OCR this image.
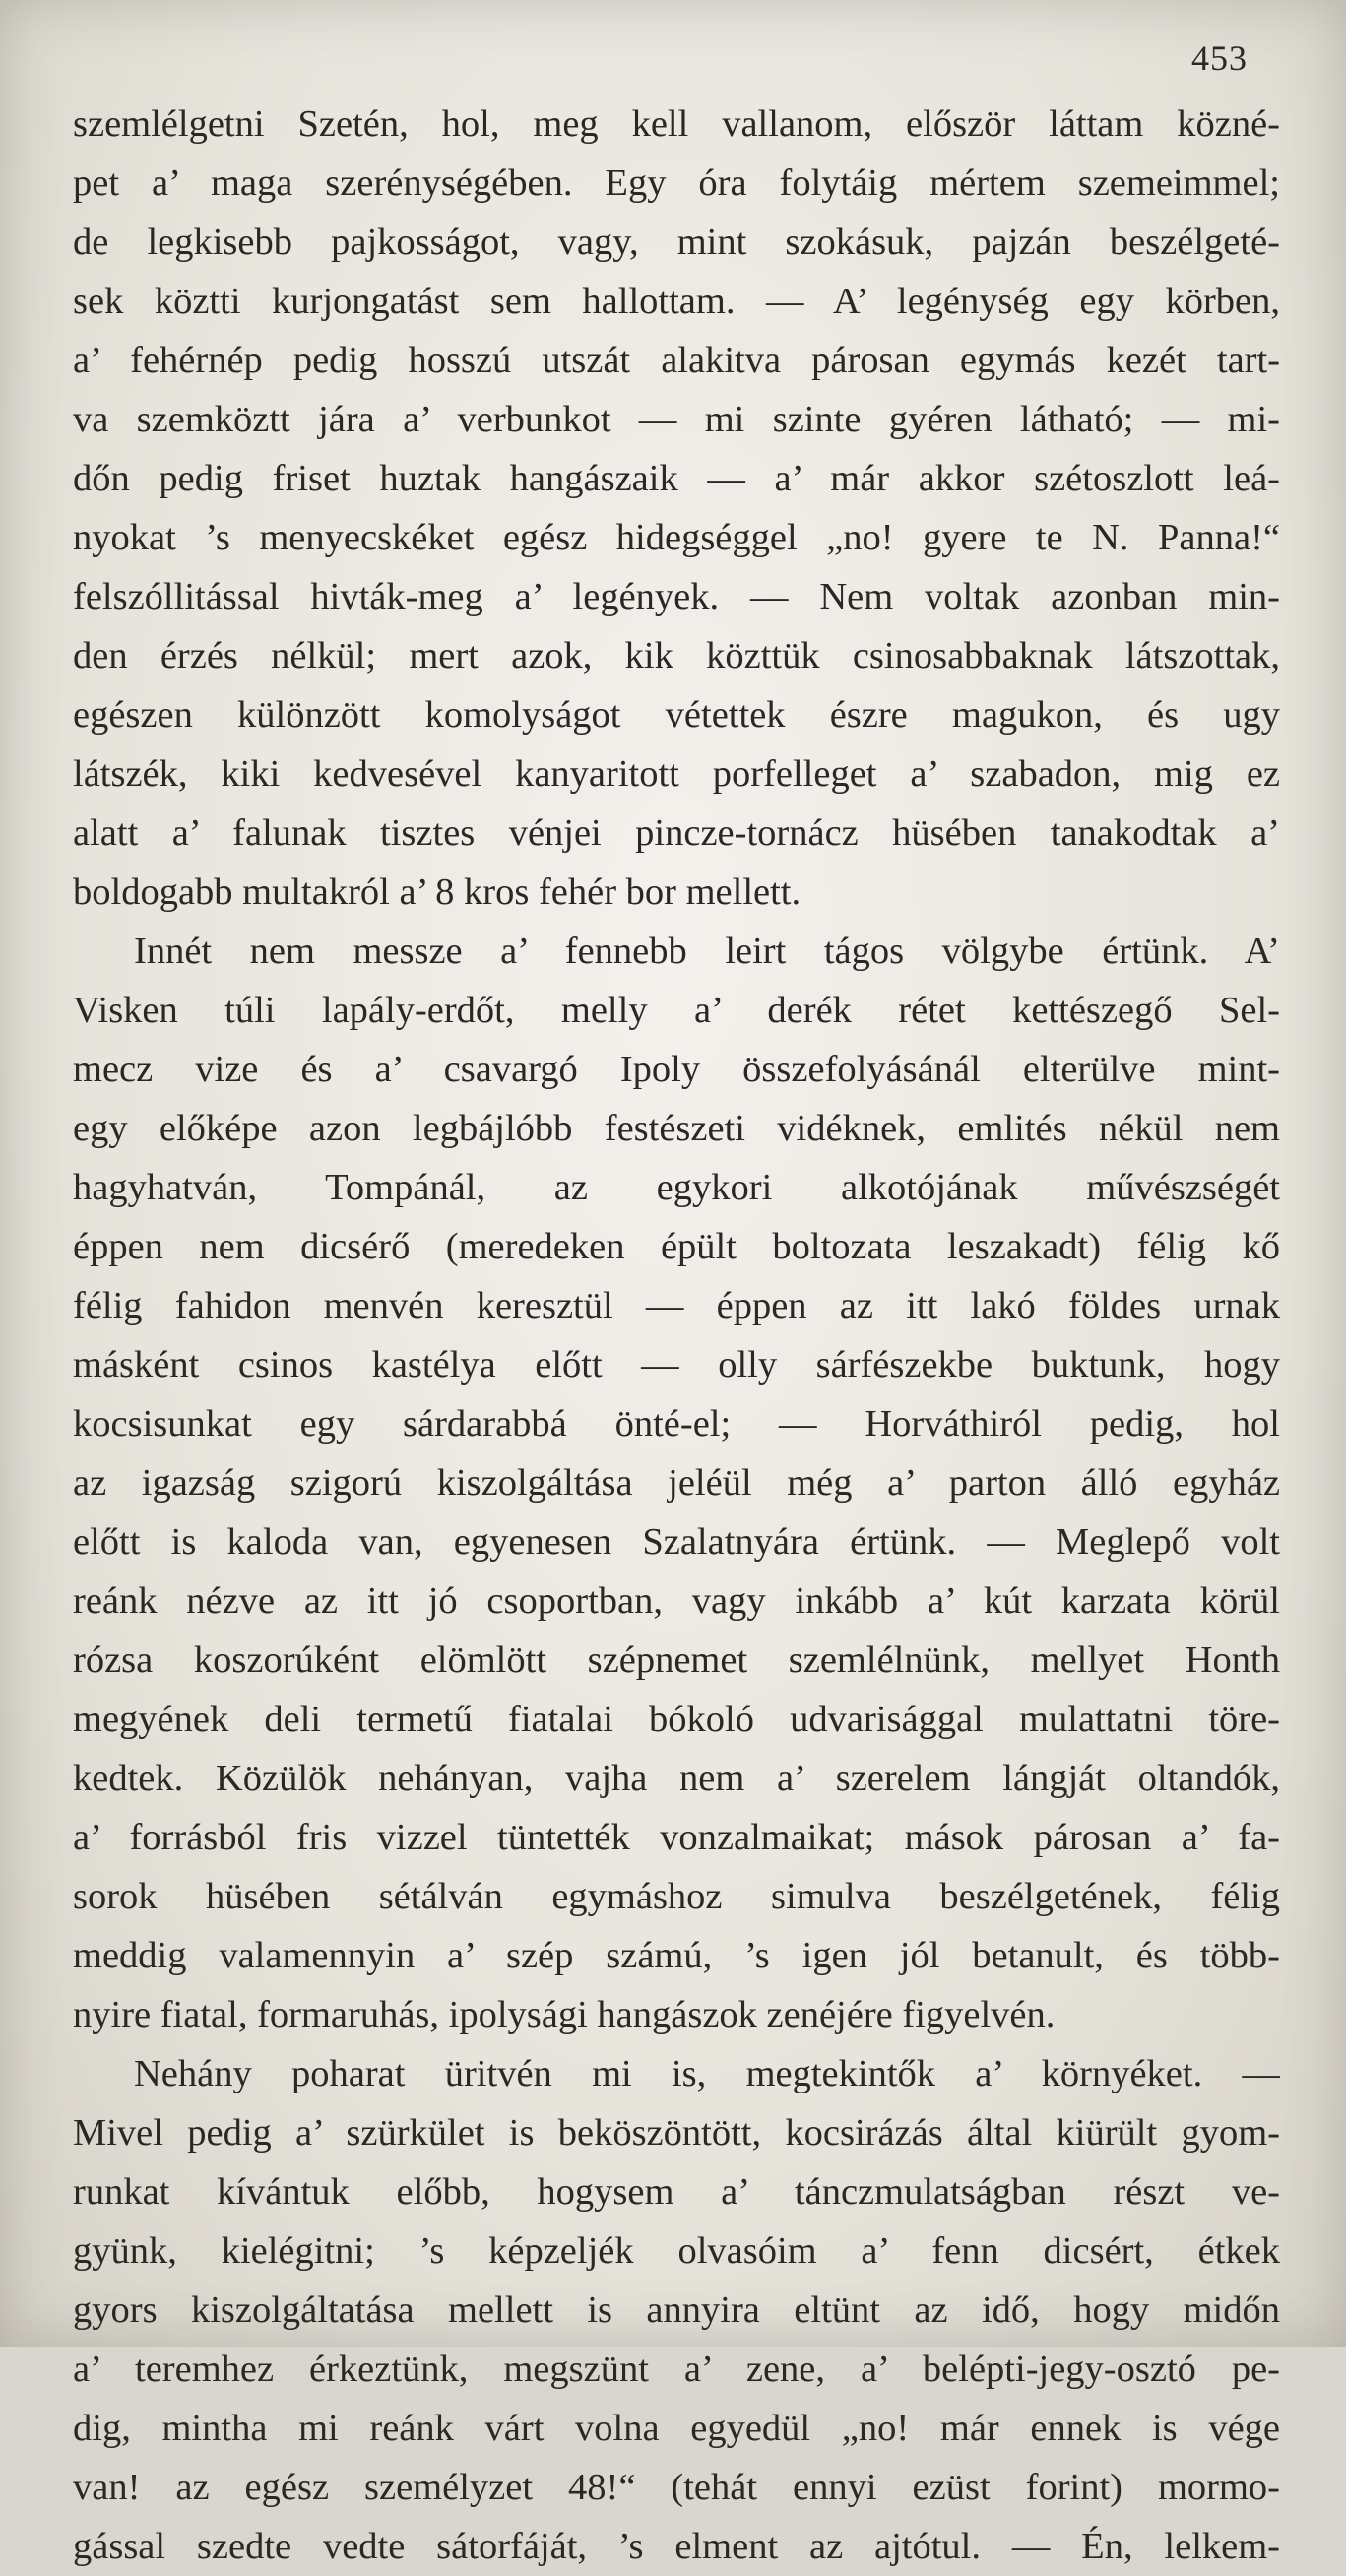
453
szemlélgetni Szetén, hol, meg kell vallanom, először láttam közné-
pet a’ maga szerénységében. Egy óra folytáig mértem szemeimmel;
de legkisebb pajkosságot, vagy, mint szokásuk, pajzán beszélgeté-
sek köztti kurjongatást sem hallottam. — A’ legénység egy körben,
a’ fehérnép pedig hosszú utszát alakitva párosan egymás kezét tart-
va szemköztt jára a’ verbunkot — mi szinte gyéren látható; — mi-
dőn pedig friset huztak hangászaik — a’ már akkor szétoszlott leá-
nyokat ’s menyecskéket egész hidegséggel „no! gyere te N. Panna!“
felszóllitással hivták-meg a’ legények. — Nem voltak azonban min-
den érzés nélkül; mert azok, kik közttük csinosabbaknak látszottak,
egészen különzött komolyságot vétettek észre magukon, és ugy
látszék, kiki kedvesével kanyaritott porfelleget a’ szabadon, mig ez
alatt a’ falunak tisztes vénjei pincze-tornácz hüsében tanakodtak a’
boldogabb multakról a’ 8 kros fehér bor mellett.
Innét nem messze a’ fennebb leirt tágos völgybe értünk. A’
Visken túli lapály-erdőt, melly a’ derék rétet kettészegő Sel-
mecz vize és a’ csavargó Ipoly összefolyásánál elterülve mint-
egy előképe azon legbájlóbb festészeti vidéknek, emlités nékül nem
hagyhatván, Tompánál, az egykori alkotójának művészségét
éppen nem dicsérő (meredeken épült boltozata leszakadt) félig kő
félig fahidon menvén keresztül — éppen az itt lakó földes urnak
másként csinos kastélya előtt — olly sárfészekbe buktunk, hogy
kocsisunkat egy sárdarabbá önté-el; — Horváthiról pedig, hol
az igazság szigorú kiszolgáltása jeléül még a’ parton álló egyház
előtt is kaloda van, egyenesen Szalatnyára értünk. — Meglepő volt
reánk nézve az itt jó csoportban, vagy inkább a’ kút karzata körül
rózsa koszorúként elömlött szépnemet szemlélnünk, mellyet Honth
megyének deli termetű fiatalai bókoló udvarisággal mulattatni töre-
kedtek. Közülök nehányan, vajha nem a’ szerelem lángját oltandók,
a’ forrásból fris vizzel tüntették vonzalmaikat; mások párosan a’ fa-
sorok hüsében sétálván egymáshoz simulva beszélgetének, félig
meddig valamennyin a’ szép számú, ’s igen jól betanult, és több-
nyire fiatal, formaruhás, ipolysági hangászok zenéjére figyelvén.
Nehány poharat üritvén mi is, megtekintők a’ környéket. —
Mivel pedig a’ szürkület is beköszöntött, kocsirázás által kiürült gyom-
runkat kívántuk előbb, hogysem a’ tánczmulatságban részt ve-
gyünk, kielégitni; ’s képzeljék olvasóim a’ fenn dicsért, étkek
gyors kiszolgáltatása mellett is annyira eltünt az idő, hogy midőn
a’ teremhez érkeztünk, megszünt a’ zene, a’ belépti-jegy-osztó pe-
dig, mintha mi reánk várt volna egyedül „no! már ennek is vége
van! az egész személyzet 48!“ (tehát ennyi ezüst forint) mormo-
gással szedte vedte sátorfáját, ’s elment az ajtótul. — Én, lelkem-
